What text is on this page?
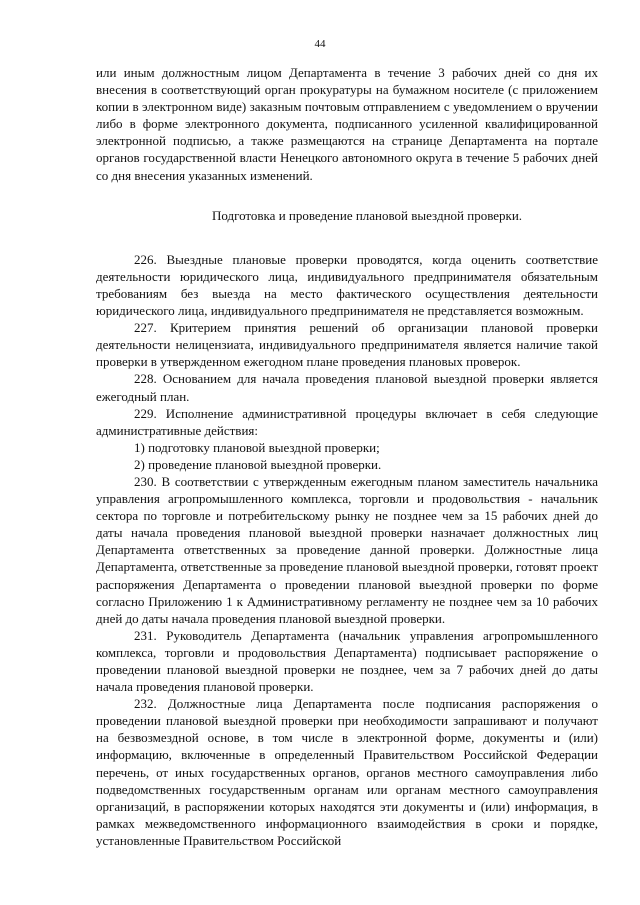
44

или иным должностным лицом Департамента в течение 3 рабочих дней со дня их внесения в соответствующий орган прокуратуры на бумажном носителе (с приложением копии в электронном виде) заказным почтовым отправлением с уведомлением о вручении либо в форме электронного документа, подписанного усиленной квалифицированной электронной подписью, а также размещаются на странице Департамента на портале органов государственной власти Ненецкого автономного округа в течение 5 рабочих дней со дня внесения указанных изменений.

Подготовка и проведение плановой выездной проверки.

226. Выездные плановые проверки проводятся, когда оценить соответствие деятельности юридического лица, индивидуального предпринимателя обязательным требованиям без выезда на место фактического осуществления деятельности юридического лица, индивидуального предпринимателя не представляется возможным.

227. Критерием принятия решений об организации плановой проверки деятельности нелицензиата, индивидуального предпринимателя является наличие такой проверки в утвержденном ежегодном плане проведения плановых проверок.

228. Основанием для начала проведения плановой выездной проверки является ежегодный план.

229. Исполнение административной процедуры включает в себя следующие административные действия:

1) подготовку плановой выездной проверки;

2) проведение плановой выездной проверки.

230. В соответствии с утвержденным ежегодным планом заместитель начальника управления агропромышленного комплекса, торговли и продовольствия - начальник сектора по торговле и потребительскому рынку не позднее чем за 15 рабочих дней до даты начала проведения плановой выездной проверки назначает должностных лиц Департамента ответственных за проведение данной проверки. Должностные лица Департамента, ответственные за проведение плановой выездной проверки, готовят проект распоряжения Департамента о проведении плановой выездной проверки по форме согласно Приложению 1 к Административному регламенту не позднее чем за 10 рабочих дней до даты начала проведения плановой выездной проверки.

231. Руководитель Департамента (начальник управления агропромышленного комплекса, торговли и продовольствия Департамента) подписывает распоряжение о проведении плановой выездной проверки не позднее, чем за 7 рабочих дней до даты начала проведения плановой проверки.

232. Должностные лица Департамента после подписания распоряжения о проведении плановой выездной проверки при необходимости запрашивают и получают на безвозмездной основе, в том числе в электронной форме, документы и (или) информацию, включенные в определенный Правительством Российской Федерации перечень, от иных государственных органов, органов местного самоуправления либо подведомственных государственным органам или органам местного самоуправления организаций, в распоряжении которых находятся эти документы и (или) информация, в рамках межведомственного информационного взаимодействия в сроки и порядке, установленные Правительством Российской
